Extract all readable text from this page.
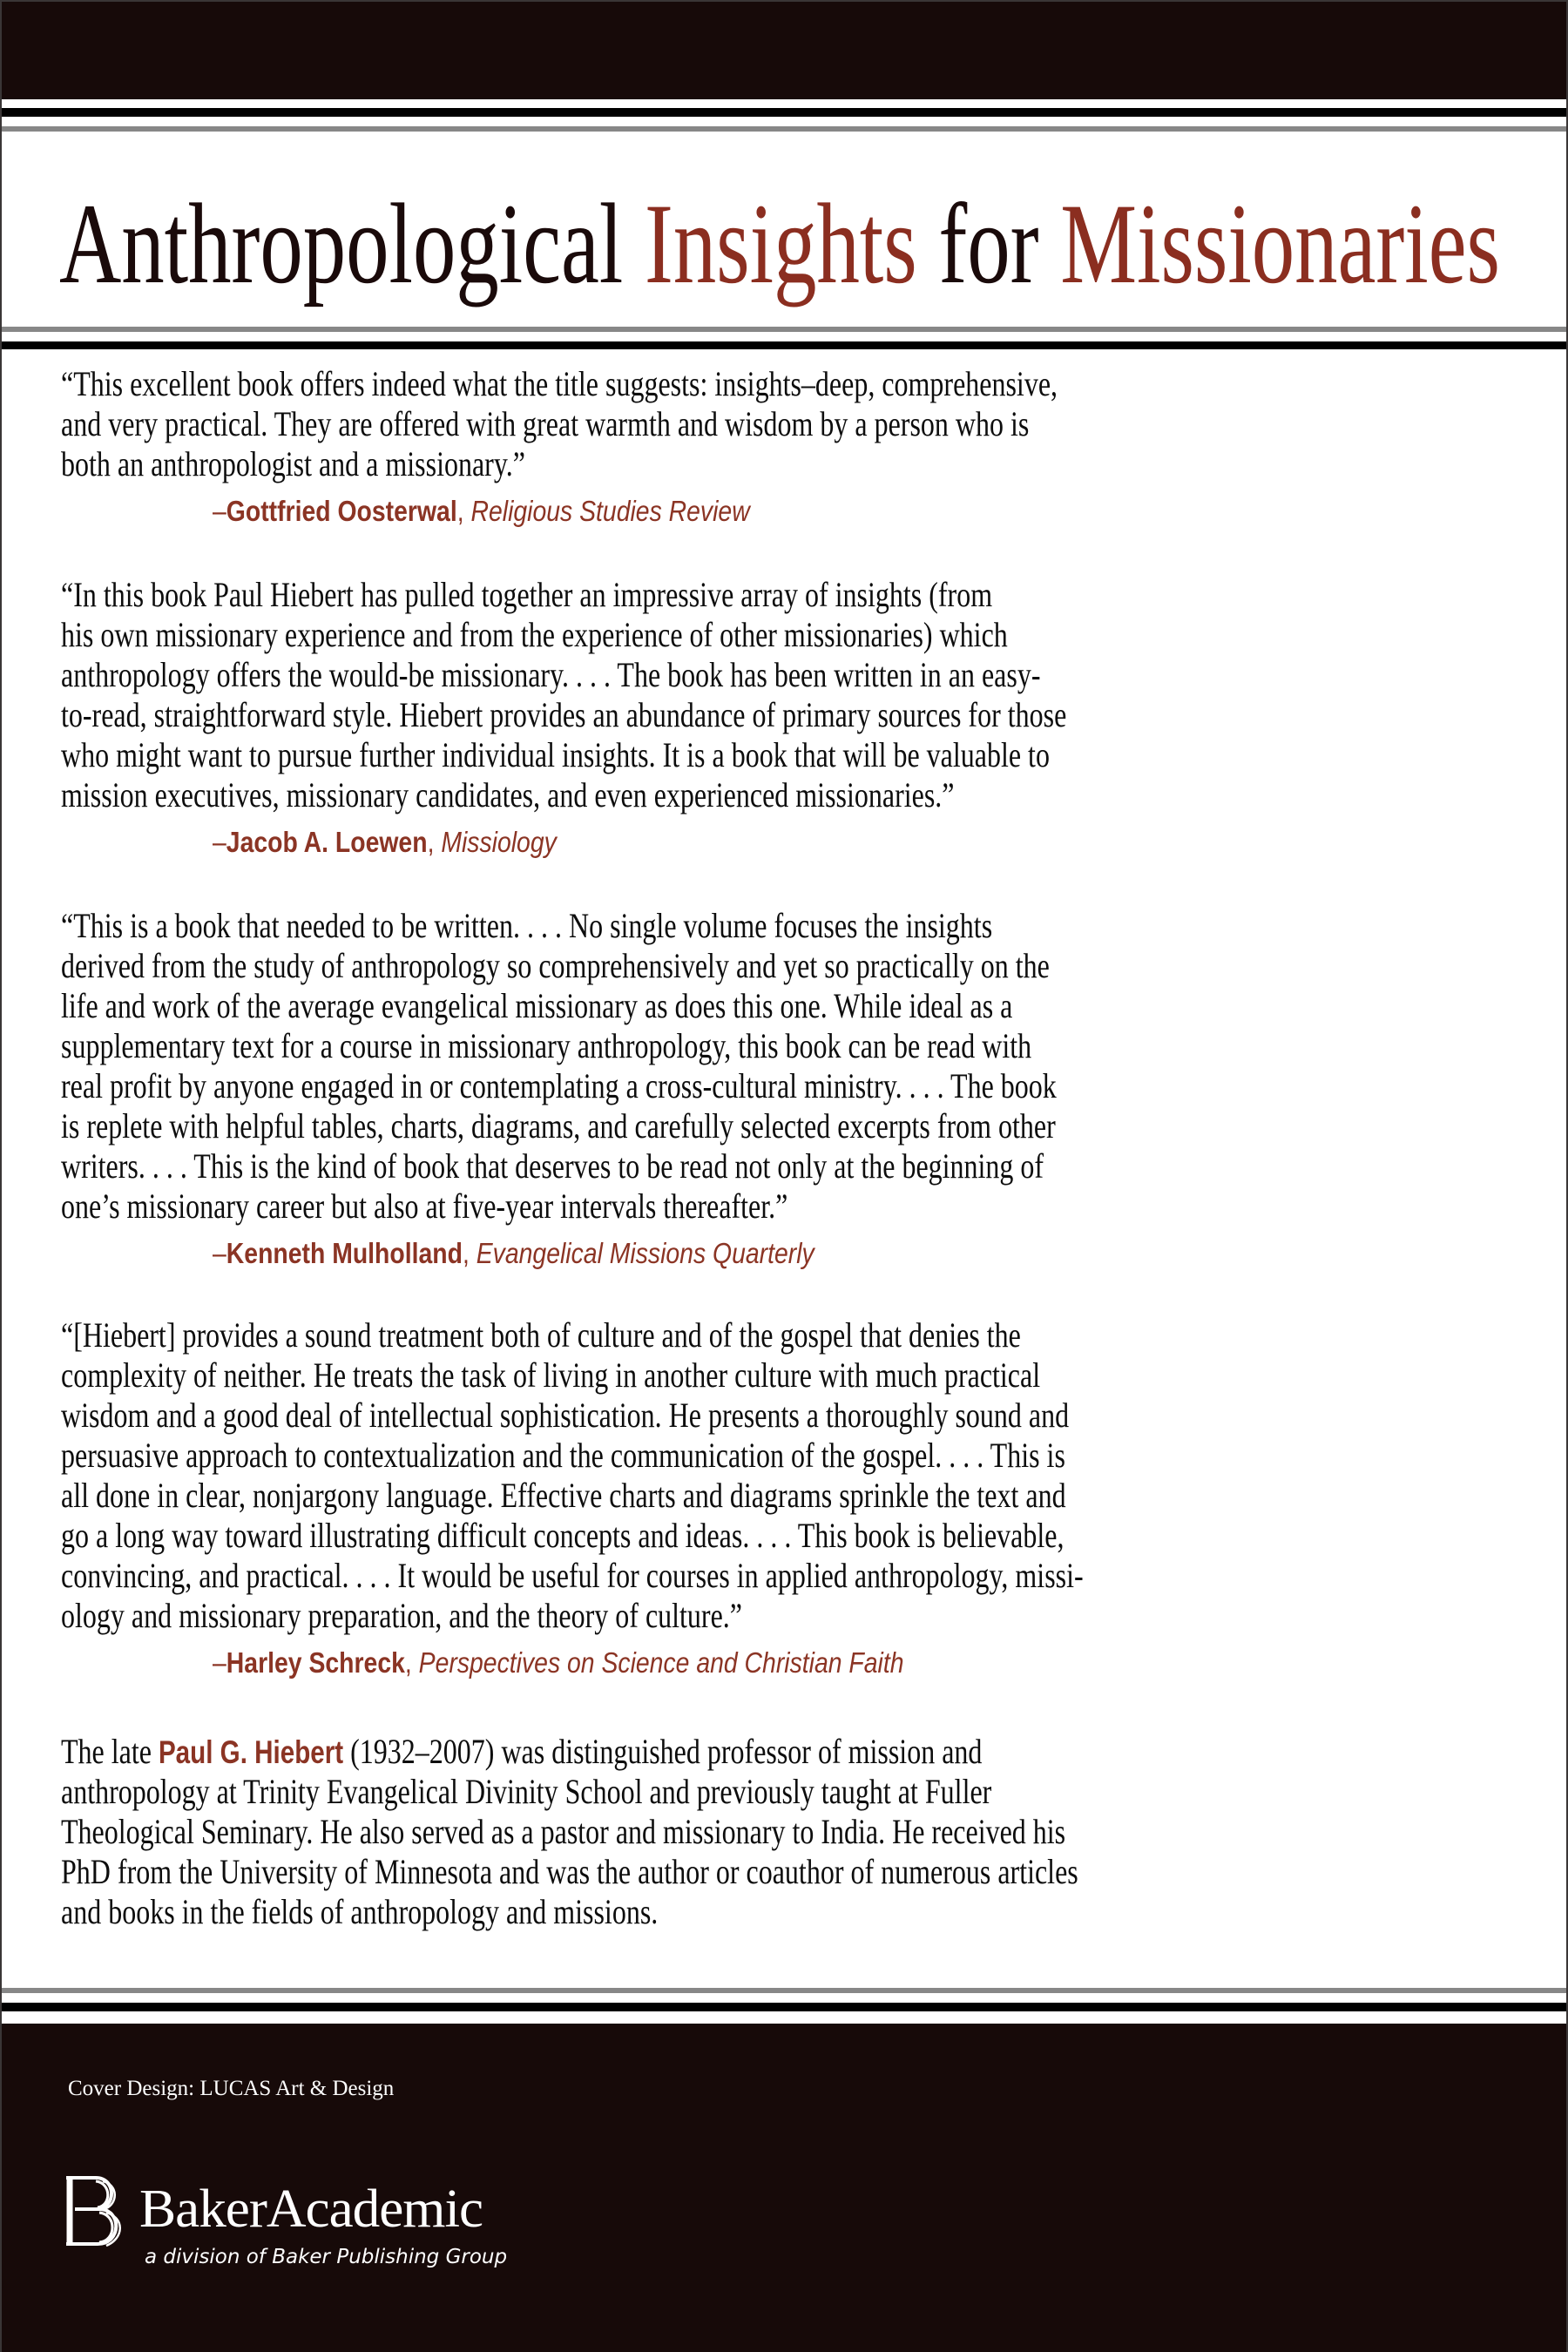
Anthropological Insights for Missionaries
“This excellent book offers indeed what the title suggests: insights–deep, comprehensive,
and very practical. They are offered with great warmth and wisdom by a person who is
both an anthropologist and a missionary.”
–Gottfried Oosterwal, Religious Studies Review
“In this book Paul Hiebert has pulled together an impressive array of insights (from
his own missionary experience and from the experience of other missionaries) which
anthropology offers the would-be missionary. . . . The book has been written in an easy-
to-read, straightforward style. Hiebert provides an abundance of primary sources for those
who might want to pursue further individual insights. It is a book that will be valuable to
mission executives, missionary candidates, and even experienced missionaries.”
–Jacob A. Loewen, Missiology
“This is a book that needed to be written. . . . No single volume focuses the insights
derived from the study of anthropology so comprehensively and yet so practically on the
life and work of the average evangelical missionary as does this one. While ideal as a
supplementary text for a course in missionary anthropology, this book can be read with
real profit by anyone engaged in or contemplating a cross-cultural ministry. . . . The book
is replete with helpful tables, charts, diagrams, and carefully selected excerpts from other
writers. . . . This is the kind of book that deserves to be read not only at the beginning of
one’s missionary career but also at five-year intervals thereafter.”
–Kenneth Mulholland, Evangelical Missions Quarterly
“[Hiebert] provides a sound treatment both of culture and of the gospel that denies the
complexity of neither. He treats the task of living in another culture with much practical
wisdom and a good deal of intellectual sophistication. He presents a thoroughly sound and
persuasive approach to contextualization and the communication of the gospel. . . . This is
all done in clear, nonjargony language. Effective charts and diagrams sprinkle the text and
go a long way toward illustrating difficult concepts and ideas. . . . This book is believable,
convincing, and practical. . . . It would be useful for courses in applied anthropology, missi-
ology and missionary preparation, and the theory of culture.”
–Harley Schreck, Perspectives on Science and Christian Faith
The late Paul G. Hiebert (1932–2007) was distinguished professor of mission and
anthropology at Trinity Evangelical Divinity School and previously taught at Fuller
Theological Seminary. He also served as a pastor and missionary to India. He received his
PhD from the University of Minnesota and was the author or coauthor of numerous articles
and books in the fields of anthropology and missions.
Cover Design: LUCAS Art & Design
BakerAcademic
a division of Baker Publishing Group
